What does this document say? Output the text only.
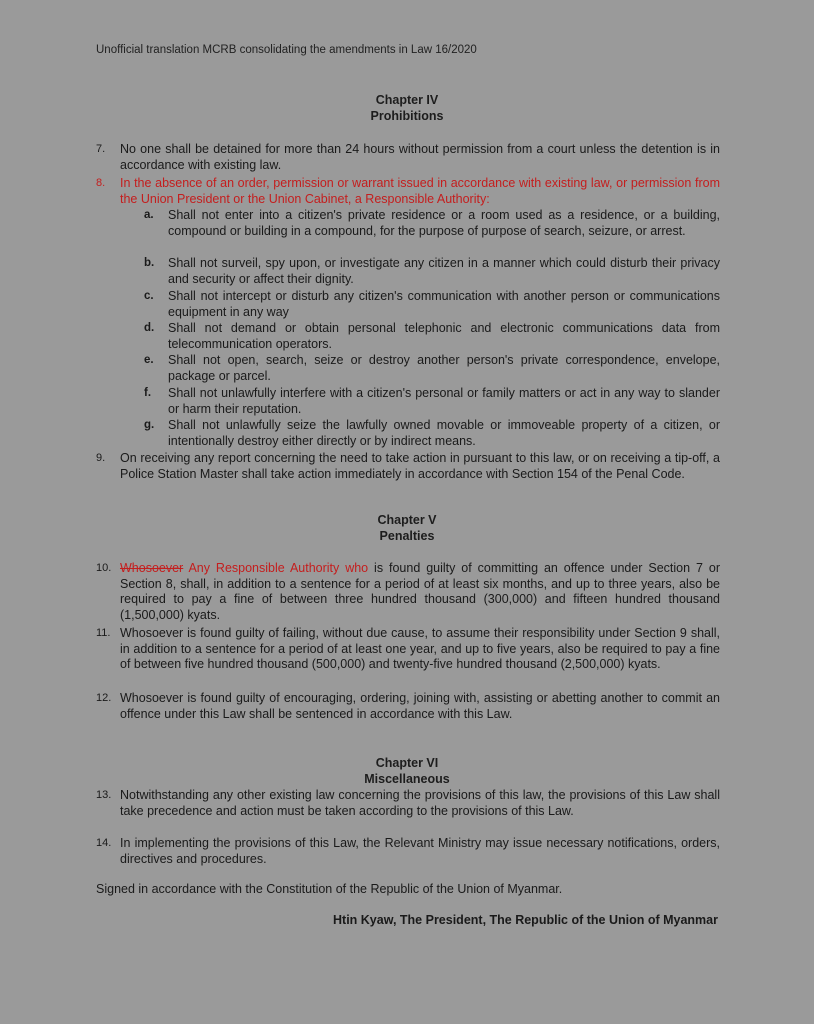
Unofficial translation MCRB consolidating the amendments in Law 16/2020
Chapter IV
Prohibitions
7. No one shall be detained for more than 24 hours without permission from a court unless the detention is in accordance with existing law.
8. In the absence of an order, permission or warrant issued in accordance with existing law, or permission from the Union President or the Union Cabinet, a Responsible Authority:
a. Shall not enter into a citizen's private residence or a room used as a residence, or a building, compound or building in a compound, for the purpose of purpose of search, seizure, or arrest.
b. Shall not surveil, spy upon, or investigate any citizen in a manner which could disturb their privacy and security or affect their dignity.
c. Shall not intercept or disturb any citizen's communication with another person or communications equipment in any way
d. Shall not demand or obtain personal telephonic and electronic communications data from telecommunication operators.
e. Shall not open, search, seize or destroy another person's private correspondence, envelope, package or parcel.
f. Shall not unlawfully interfere with a citizen's personal or family matters or act in any way to slander or harm their reputation.
g. Shall not unlawfully seize the lawfully owned movable or immoveable property of a citizen, or intentionally destroy either directly or by indirect means.
9. On receiving any report concerning the need to take action in pursuant to this law, or on receiving a tip-off, a Police Station Master shall take action immediately in accordance with Section 154 of the Penal Code.
Chapter V
Penalties
10. Whosoever Any Responsible Authority who is found guilty of committing an offence under Section 7 or Section 8, shall, in addition to a sentence for a period of at least six months, and up to three years, also be required to pay a fine of between three hundred thousand (300,000) and fifteen hundred thousand (1,500,000) kyats.
11. Whosoever is found guilty of failing, without due cause, to assume their responsibility under Section 9 shall, in addition to a sentence for a period of at least one year, and up to five years, also be required to pay a fine of between five hundred thousand (500,000) and twenty-five hundred thousand (2,500,000) kyats.
12. Whosoever is found guilty of encouraging, ordering, joining with, assisting or abetting another to commit an offence under this Law shall be sentenced in accordance with this Law.
Chapter VI
Miscellaneous
13. Notwithstanding any other existing law concerning the provisions of this law, the provisions of this Law shall take precedence and action must be taken according to the provisions of this Law.
14. In implementing the provisions of this Law, the Relevant Ministry may issue necessary notifications, orders, directives and procedures.
Signed in accordance with the Constitution of the Republic of the Union of Myanmar.
Htin Kyaw, The President, The Republic of the Union of Myanmar
